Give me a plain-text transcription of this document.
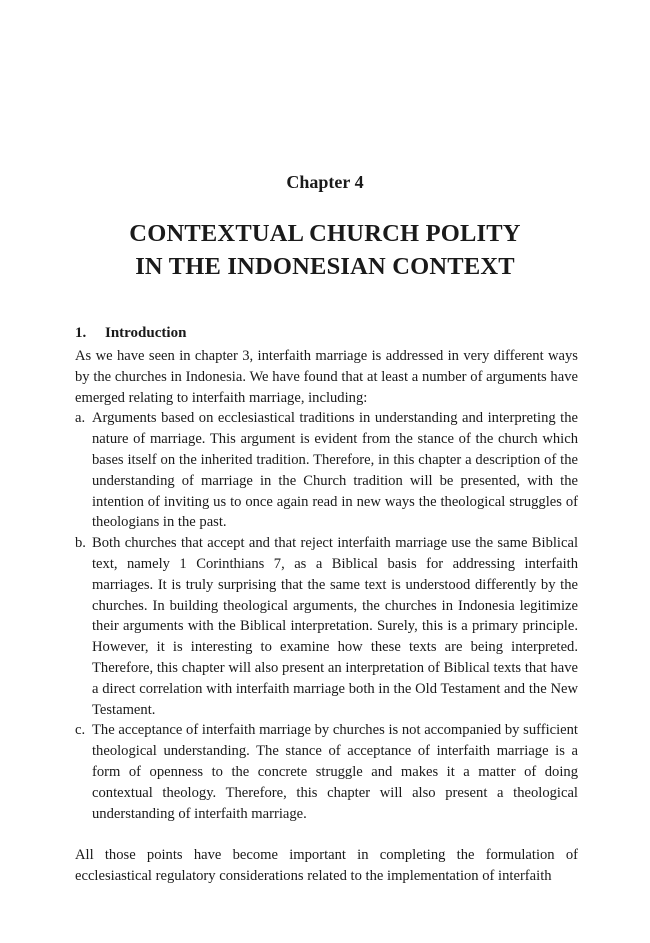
Chapter 4
CONTEXTUAL CHURCH POLITY
IN THE INDONESIAN CONTEXT
1. Introduction

As we have seen in chapter 3, interfaith marriage is addressed in very different ways by the churches in Indonesia. We have found that at least a number of arguments have emerged relating to interfaith marriage, including:

a. Arguments based on ecclesiastical traditions in understanding and interpreting the nature of marriage. This argument is evident from the stance of the church which bases itself on the inherited tradition. Therefore, in this chapter a description of the understanding of marriage in the Church tradition will be presented, with the intention of inviting us to once again read in new ways the theological struggles of theologians in the past.
b. Both churches that accept and that reject interfaith marriage use the same Biblical text, namely 1 Corinthians 7, as a Biblical basis for addressing interfaith marriages. It is truly surprising that the same text is understood differently by the churches. In building theological arguments, the churches in Indonesia legitimize their arguments with the Biblical interpretation. Surely, this is a primary principle. However, it is interesting to examine how these texts are being interpreted. Therefore, this chapter will also present an interpretation of Biblical texts that have a direct correlation with interfaith marriage both in the Old Testament and the New Testament.
c. The acceptance of interfaith marriage by churches is not accompanied by sufficient theological understanding. The stance of acceptance of interfaith marriage is a form of openness to the concrete struggle and makes it a matter of doing contextual theology. Therefore, this chapter will also present a theological understanding of interfaith marriage.

All those points have become important in completing the formulation of ecclesiastical regulatory considerations related to the implementation of interfaith
